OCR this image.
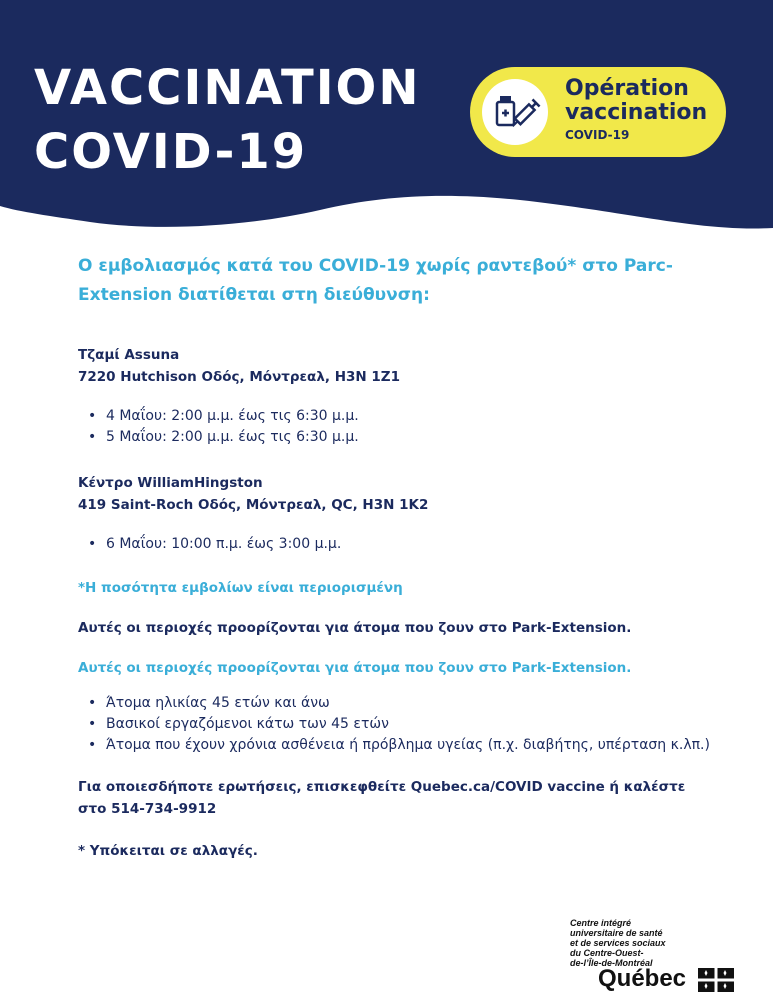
VACCINATION
COVID-19
Opération
vaccination
COVID-19

Ο εμβολιασμός κατά του COVID-19 χωρίς ραντεβού* στο Parc-Extension διατίθεται στη διεύθυνση:

Τζαμί Assuna
7220 Hutchison Οδός, Μόντρεαλ, H3N 1Z1
• 4 Μαΐου: 2:00 μ.μ. έως τις 6:30 μ.μ.
• 5 Μαΐου: 2:00 μ.μ. έως τις 6:30 μ.μ.
Κέντρο WilliamHingston
419 Saint-Roch Οδός, Μόντρεαλ, QC, H3N 1K2
• 6 Μαΐου: 10:00 π.μ. έως 3:00 μ.μ.
*Η ποσότητα εμβολίων είναι περιορισμένη
Αυτές οι περιοχές προορίζονται για άτομα που ζουν στο Park-Extension.
Αυτές οι περιοχές προορίζονται για άτομα που ζουν στο Park-Extension.
• Άτομα ηλικίας 45 ετών και άνω
• Βασικοί εργαζόμενοι κάτω των 45 ετών
• Άτομα που έχουν χρόνια ασθένεια ή πρόβλημα υγείας (π.χ. διαβήτης, υπέρταση κ.λπ.)
Για οποιεσδήποτε ερωτήσεις, επισκεφθείτε Quebec.ca/COVID vaccine ή καλέστε στο 514-734-9912
* Υπόκειται σε αλλαγές.
Centre intégré
universitaire de santé
et de services sociaux
du Centre-Ouest-
de-l’Île-de-Montréal
Québec
